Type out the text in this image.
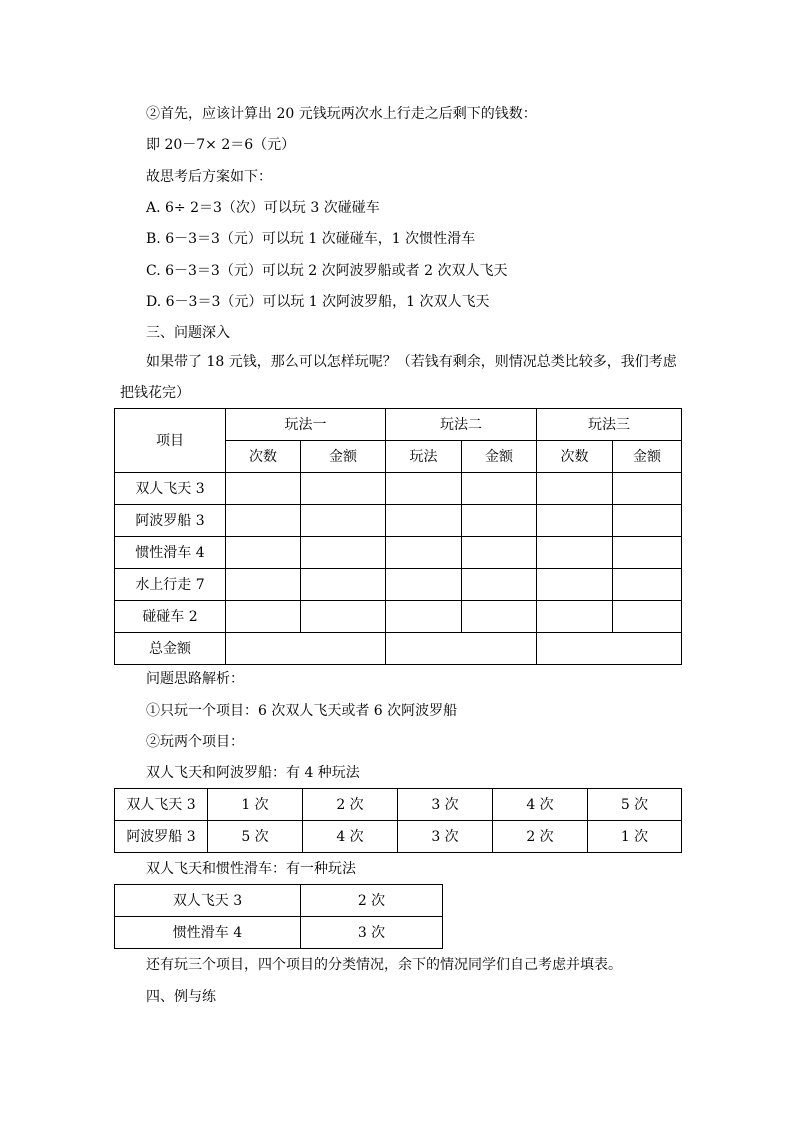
②首先，应该计算出 20 元钱玩两次水上行走之后剩下的钱数：
即 20－7× 2＝6（元）
故思考后方案如下：
A. 6÷ 2＝3（次）可以玩 3 次碰碰车
B. 6－3＝3（元）可以玩 1 次碰碰车，1 次惯性滑车
C. 6－3＝3（元）可以玩 2 次阿波罗船或者 2 次双人飞天
D. 6－3＝3（元）可以玩 1 次阿波罗船，1 次双人飞天
三、问题深入
如果带了 18 元钱，那么可以怎样玩呢？（若钱有剩余，则情况总类比较多，我们考虑
把钱花完）
项目	玩法一		玩法二		玩法三	
	次数	金额	玩法	金额	次数	金额
双人飞天 3						
阿波罗船 3						
惯性滑车 4						
水上行走 7						
碰碰车 2						
总金额						
问题思路解析：
①只玩一个项目：6 次双人飞天或者 6 次阿波罗船
②玩两个项目：
双人飞天和阿波罗船：有 4 种玩法
双人飞天 3	1 次	2 次	3 次	4 次	5 次
阿波罗船 3	5 次	4 次	3 次	2 次	1 次
双人飞天和惯性滑车：有一种玩法
双人飞天 3	2 次
惯性滑车 4	3 次
还有玩三个项目，四个项目的分类情况，余下的情况同学们自己考虑并填表。
四、例与练
